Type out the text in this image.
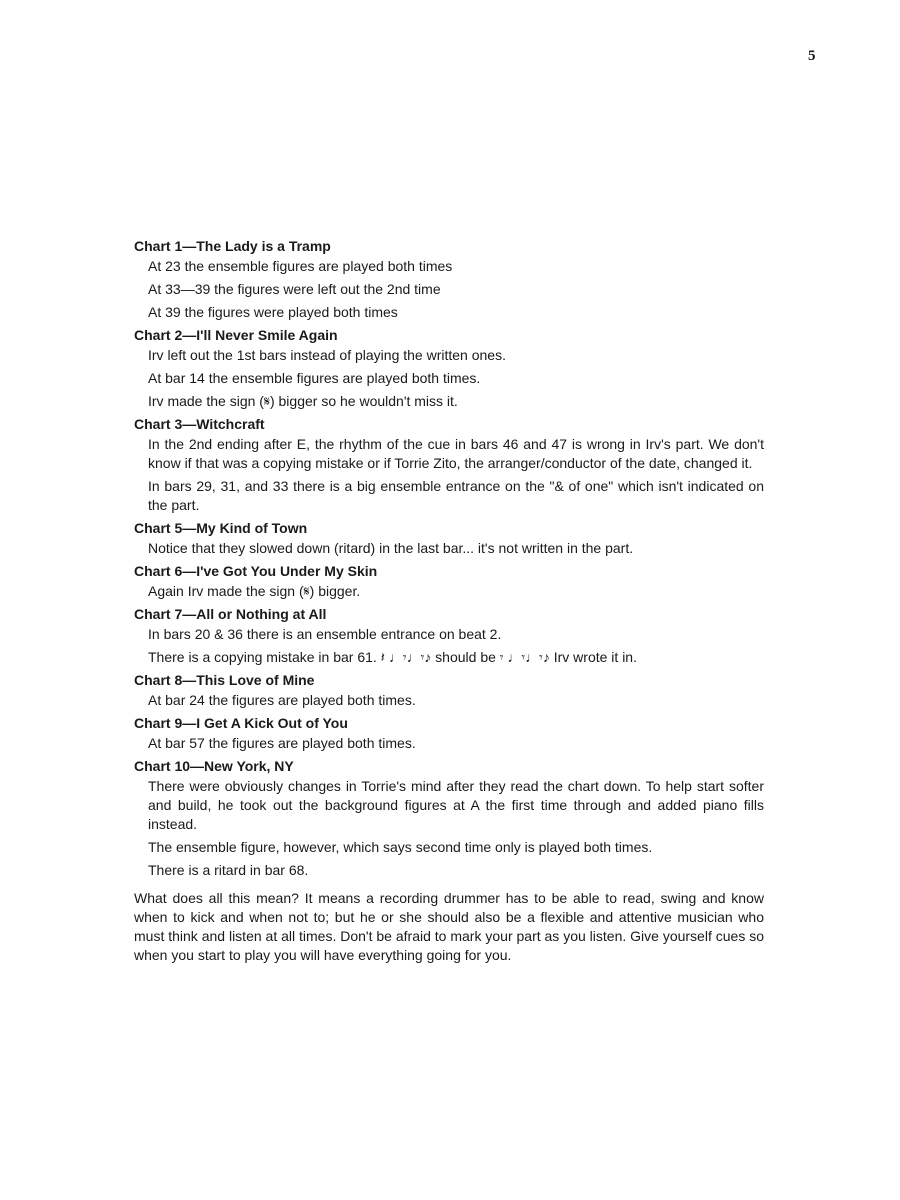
5
Chart 1—The Lady is a Tramp
At 23 the ensemble figures are played both times
At 33—39 the figures were left out the 2nd time
At 39 the figures were played both times
Chart 2—I'll Never Smile Again
Irv left out the 1st bars instead of playing the written ones.
At bar 14 the ensemble figures are played both times.
Irv made the sign (𝄋) bigger so he wouldn't miss it.
Chart 3—Witchcraft
In the 2nd ending after E, the rhythm of the cue in bars 46 and 47 is wrong in Irv's part. We don't know if that was a copying mistake or if Torrie Zito, the arranger/conductor of the date, changed it.
In bars 29, 31, and 33 there is a big ensemble entrance on the "& of one" which isn't indicated on the part.
Chart 5—My Kind of Town
Notice that they slowed down (ritard) in the last bar... it's not written in the part.
Chart 6—I've Got You Under My Skin
Again Irv made the sign (𝄋) bigger.
Chart 7—All or Nothing at All
In bars 20 & 36 there is an ensemble entrance on beat 2.
There is a copying mistake in bar 61. 𝄽 ♩𝄾♩𝄾♪ should be 𝄾 ♩𝄾♩𝄾♪ Irv wrote it in.
Chart 8—This Love of Mine
At bar 24 the figures are played both times.
Chart 9—I Get A Kick Out of You
At bar 57 the figures are played both times.
Chart 10—New York, NY
There were obviously changes in Torrie's mind after they read the chart down. To help start softer and build, he took out the background figures at A the first time through and added piano fills instead.
The ensemble figure, however, which says second time only is played both times.
There is a ritard in bar 68.
What does all this mean? It means a recording drummer has to be able to read, swing and know when to kick and when not to; but he or she should also be a flexible and attentive musician who must think and listen at all times. Don't be afraid to mark your part as you listen. Give yourself cues so when you start to play you will have everything going for you.
